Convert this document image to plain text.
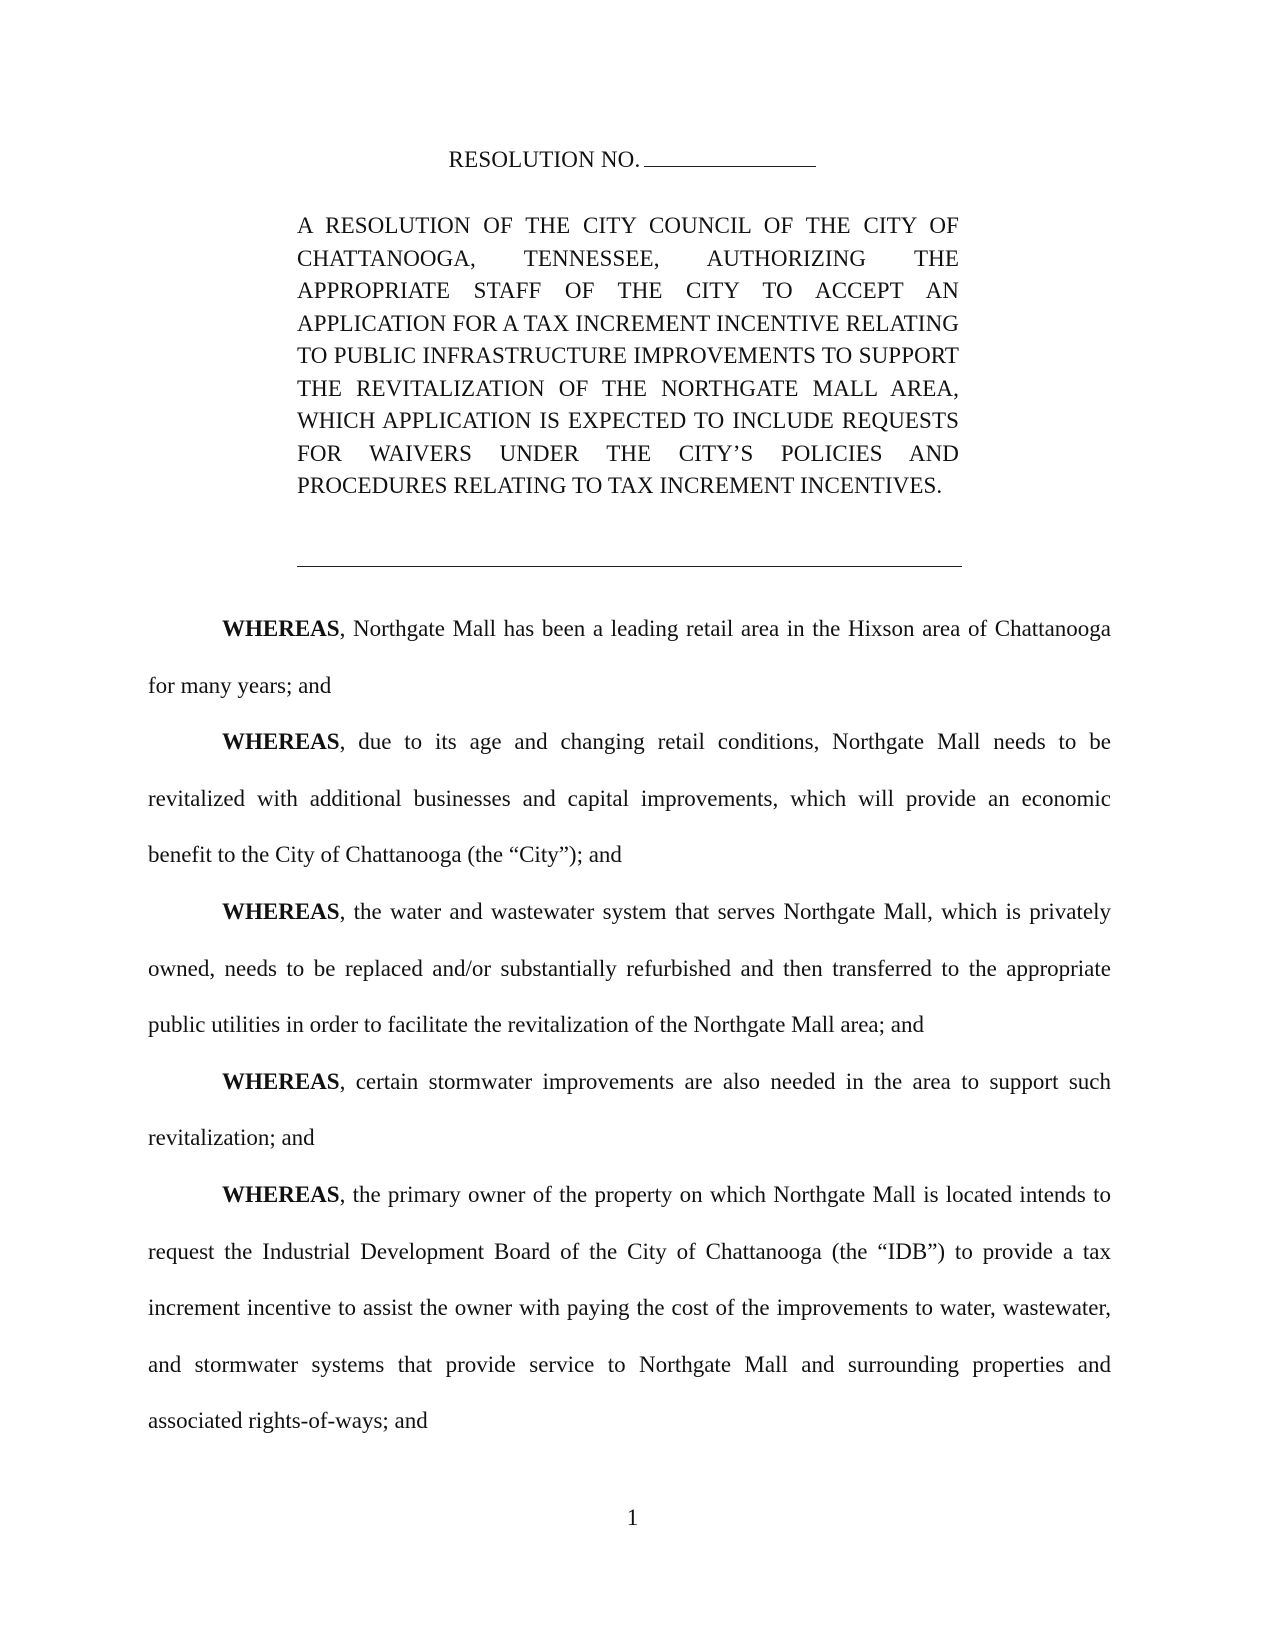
RESOLUTION NO.
A RESOLUTION OF THE CITY COUNCIL OF THE CITY OF CHATTANOOGA, TENNESSEE, AUTHORIZING THE APPROPRIATE STAFF OF THE CITY TO ACCEPT AN APPLICATION FOR A TAX INCREMENT INCENTIVE RELATING TO PUBLIC INFRASTRUCTURE IMPROVEMENTS TO SUPPORT THE REVITALIZATION OF THE NORTHGATE MALL AREA, WHICH APPLICATION IS EXPECTED TO INCLUDE REQUESTS FOR WAIVERS UNDER THE CITY’S POLICIES AND PROCEDURES RELATING TO TAX INCREMENT INCENTIVES.

WHEREAS, Northgate Mall has been a leading retail area in the Hixson area of Chattanooga for many years; and

WHEREAS, due to its age and changing retail conditions, Northgate Mall needs to be revitalized with additional businesses and capital improvements, which will provide an economic benefit to the City of Chattanooga (the “City”); and

WHEREAS, the water and wastewater system that serves Northgate Mall, which is privately owned, needs to be replaced and/or substantially refurbished and then transferred to the appropriate public utilities in order to facilitate the revitalization of the Northgate Mall area; and

WHEREAS, certain stormwater improvements are also needed in the area to support such revitalization; and

WHEREAS, the primary owner of the property on which Northgate Mall is located intends to request the Industrial Development Board of the City of Chattanooga (the “IDB”) to provide a tax increment incentive to assist the owner with paying the cost of the improvements to water, wastewater, and stormwater systems that provide service to Northgate Mall and surrounding properties and associated rights-of-ways; and

1
